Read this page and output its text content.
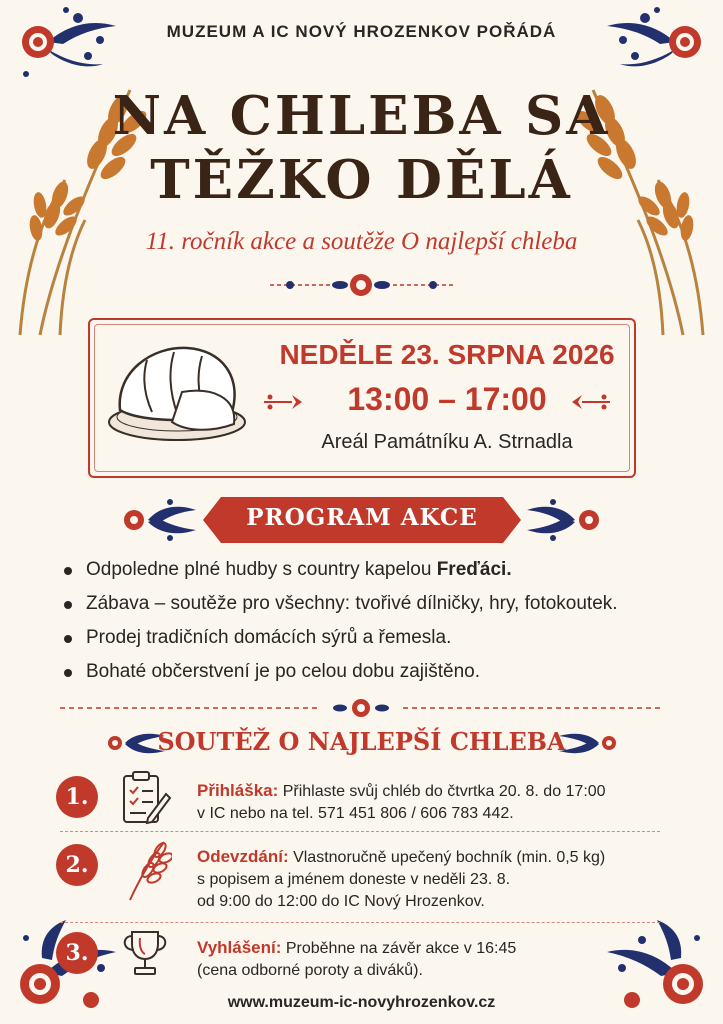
MUZEUM A IC NOVÝ HROZENKOV POŘÁDÁ
NA CHLEBA SA
TĚŽKO DĚLÁ
11. ročník akce a soutěže O najlepší chleba
NEDĚLE 23. SRPNA 2026
13:00 – 17:00
Areál Památníku A. Strnadla
PROGRAM AKCE
Odpoledne plné hudby s country kapelou Freďáci.
Zábava – soutěže pro všechny: tvořivé dílničky, hry, fotokoutek.
Prodej tradičních domácích sýrů a řemesla.
Bohaté občerstvení je po celou dobu zajištěno.
SOUTĚŽ O NAJLEPŠÍ CHLEBA
1.	Přihláška: Přihlaste svůj chléb do čtvrtka 20. 8. do 17:00
v IC nebo na tel. 571 451 806 / 606 783 442.
2.	Odevzdání: Vlastnoručně upečený bochník (min. 0,5 kg)
s popisem a jménem doneste v neděli 23. 8.
od 9:00 do 12:00 do IC Nový Hrozenkov.
3.	Vyhlášení: Proběhne na závěr akce v 16:45
(cena odborné poroty a diváků).
www.muzeum-ic-novyhrozenkov.cz
